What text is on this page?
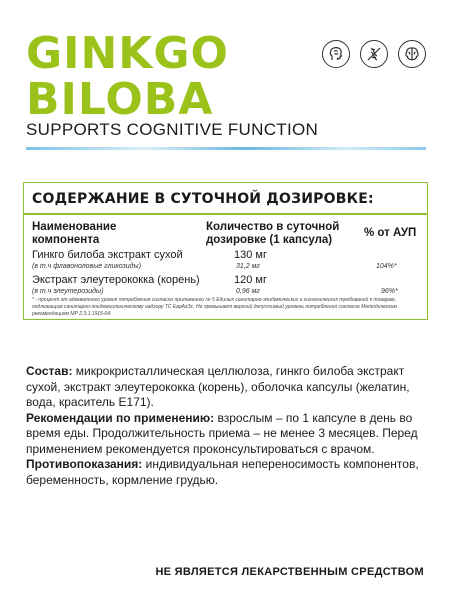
GINKGO
BILOBA
SUPPORTS COGNITIVE FUNCTION
СОДЕРЖАНИЕ В СУТОЧНОЙ ДОЗИРОВКЕ:
Наименование компонента
Количество в суточной дозировке (1 капсула)
% от АУП
Гинкго билоба экстракт сухой
(в т.ч флавоноловые гликозиды)
130 мг
31,2 мг	104%*
Экстракт элеутерококка (корень)
(в т.ч элеутерозиды)
120 мг
0,96 мг	96%*
* - процент от адекватного уровня потребления согласно приложению № 5 Единых санитарно-эпидемических и гигиенических требований к товарам, подлежащим санитарно-эпидемиологическому надзору ТС ЕврАзЭс. Не превышает верхний допустимый уровень потребления согласно Методическим рекомендациям МР 2.3.1.1915-04.

Состав: микрокристаллическая целлюлоза, гинкго билоба экстракт сухой, экстракт элеутерококка (корень), оболочка капсулы (желатин, вода, краситель Е171).

Рекомендации по применению: взрослым – по 1 капсуле в день во время еды. Продолжительность приема – не менее 3 месяцев. Перед применением рекомендуется проконсультироваться с врачом.

Противопоказания: индивидуальная непереносимость компонентов, беременность, кормление грудью.

НЕ ЯВЛЯЕТСЯ ЛЕКАРСТВЕННЫМ СРЕДСТВОМ
